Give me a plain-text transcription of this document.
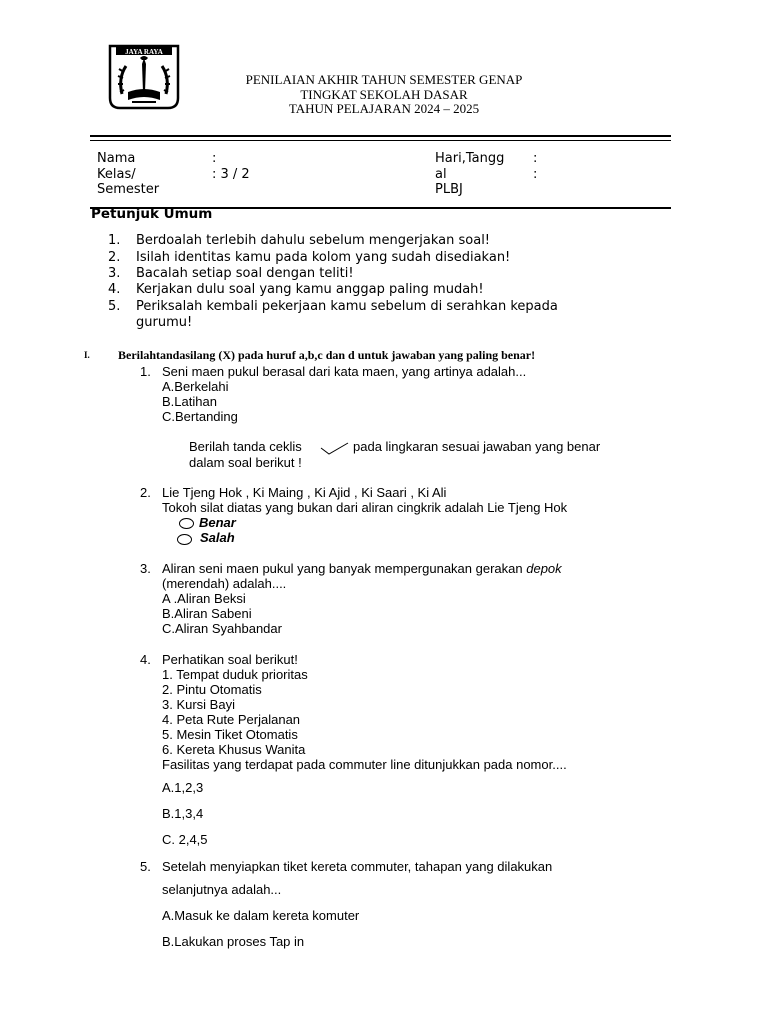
JAYA RAYA
PENILAIAN AKHIR TAHUN SEMESTER GENAP
TINGKAT SEKOLAH DASAR
TAHUN PELAJARAN 2024 – 2025
Nama	:
Kelas/	: 3 / 2
Semester
Hari,Tangg :
al	:
PLBJ
Petunjuk Umum
1. Berdoalah terlebih dahulu sebelum mengerjakan soal!
2. Isilah identitas kamu pada kolom yang sudah disediakan!
3. Bacalah setiap soal dengan teliti!
4. Kerjakan dulu soal yang kamu anggap paling mudah!
5. Periksalah kembali pekerjaan kamu sebelum di serahkan kepada
gurumu!
I. Berilahtandasilang (X) pada huruf a,b,c dan d untuk jawaban yang paling benar!
1. Seni maen pukul berasal dari kata maen, yang artinya adalah...
A.Berkelahi
B.Latihan
C.Bertanding
Berilah tanda ceklis	pada lingkaran sesuai jawaban yang benar
dalam soal berikut !
2. Lie Tjeng Hok , Ki Maing , Ki Ajid , Ki Saari , Ki Ali
Tokoh silat diatas yang bukan dari aliran cingkrik adalah Lie Tjeng Hok
Benar
Salah
3. Aliran seni maen pukul yang banyak mempergunakan gerakan depok
(merendah) adalah....
A .Aliran Beksi
B.Aliran Sabeni
C.Aliran Syahbandar
4. Perhatikan soal berikut!
1. Tempat duduk prioritas
2. Pintu Otomatis
3. Kursi Bayi
4. Peta Rute Perjalanan
5. Mesin Tiket Otomatis
6. Kereta Khusus Wanita
Fasilitas yang terdapat pada commuter line ditunjukkan pada nomor....
A.1,2,3
B.1,3,4
C. 2,4,5
5. Setelah menyiapkan tiket kereta commuter, tahapan yang dilakukan
selanjutnya adalah...
A.Masuk ke dalam kereta komuter
B.Lakukan proses Tap in
